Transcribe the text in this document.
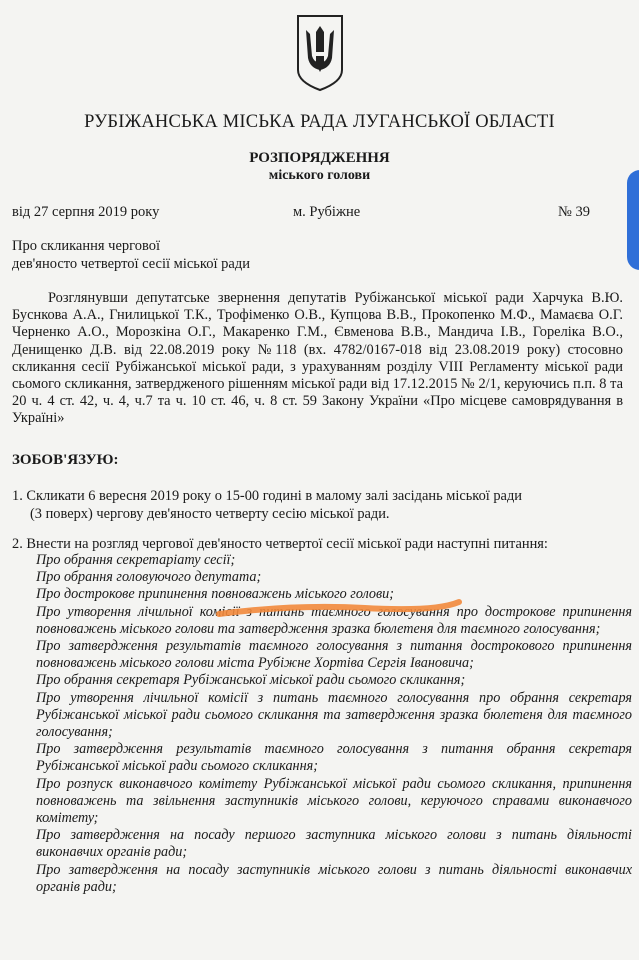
РУБІЖАНСЬКА МІСЬКА РАДА ЛУГАНСЬКОЇ ОБЛАСТІ
РОЗПОРЯДЖЕННЯ
міського голови
від 27 серпня 2019 року	м. Рубіжне	№ 39
Про скликання чергової
дев'яносто четвертої сесії міської ради
Розглянувши депутатське звернення депутатів Рубіжанської міської ради Харчука В.Ю. Буснкова А.А., Гнилицької Т.К., Трофіменко О.В., Купцова В.В., Прокопенко М.Ф., Мамаєва О.Г. Черненко А.О., Морозкіна О.Г., Макаренко Г.М., Євменова В.В., Мандича І.В., Горелікa В.О., Денищенко Д.В. від 22.08.2019 року №118 (вх. 4782/0167-018 від 23.08.2019 року) стосовно скликання сесії Рубіжанської міської ради, з урахуванням розділу VIII Регламенту міської ради сьомого скликання, затвердженого рішенням міської ради від 17.12.2015 № 2/1, керуючись п.п. 8 та 20 ч. 4 ст. 42, ч. 4, ч.7 та ч. 10 ст. 46, ч. 8 ст. 59 Закону України «Про місцеве самоврядування в Україні»
ЗОБОВ'ЯЗУЮ:
1. Скликати 6 вересня 2019 року о 15-00 годині в малому залі засідань міської ради
(3 поверх) чергову дев'яносто четверту сесію міської ради.
2. Внести на розгляд чергової дев'яносто четвертої сесії міської ради наступні питання:
Про обрання секретаріату сесії;
Про обрання головуючого депутата;
Про дострокове припинення повноважень міського голови;
Про утворення лічильної комісії з питань таємного голосування про дострокове припинення повноважень міського голови та затвердження зразка бюлетеня для таємного голосування;
Про затвердження результатів таємного голосування з питання дострокового припинення повноважень міського голови міста Рубіжне Хортіва Сергія Івановича;
Про обрання секретаря Рубіжанської міської ради сьомого скликання;
Про утворення лічильної комісії з питань таємного голосування про обрання секретаря Рубіжанської міської ради сьомого скликання та затвердження зразка бюлетеня для таємного голосування;
Про затвердження результатів таємного голосування з питання обрання секретаря Рубіжанської міської ради сьомого скликання;
Про розпуск виконавчого комітету Рубіжанської міської ради сьомого скликання, припинення повноважень та звільнення заступників міського голови, керуючого справами виконавчого комітету;
Про затвердження на посаду першого заступника міського голови з питань діяльності виконавчих органів ради;
Про затвердження на посаду заступників міського голови з питань діяльності виконавчих органів ради;
